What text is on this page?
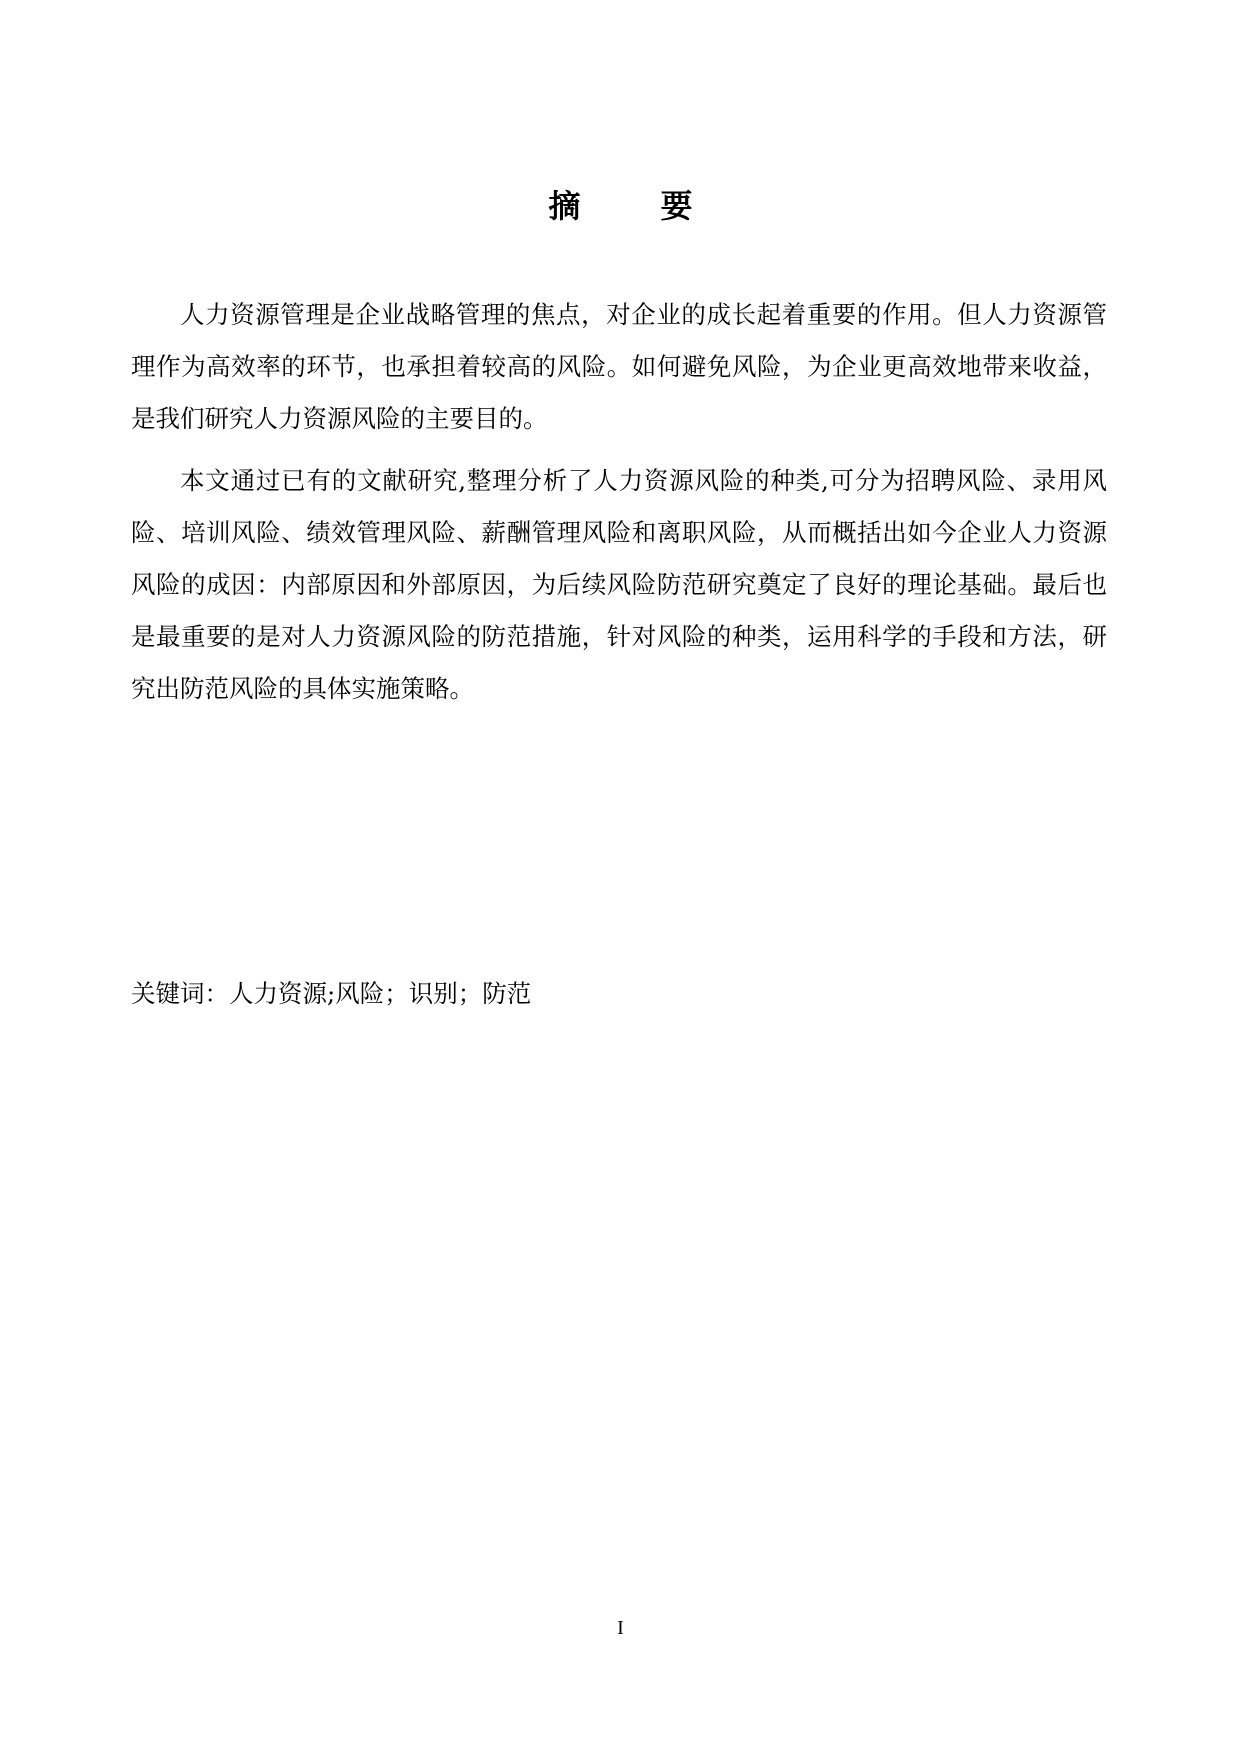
摘　要

人力资源管理是企业战略管理的焦点，对企业的成长起着重要的作用。但人力资源管理作为高效率的环节，也承担着较高的风险。如何避免风险，为企业更高效地带来收益，是我们研究人力资源风险的主要目的。

本文通过已有的文献研究,整理分析了人力资源风险的种类,可分为招聘风险、录用风险、培训风险、绩效管理风险、薪酬管理风险和离职风险，从而概括出如今企业人力资源风险的成因：内部原因和外部原因，为后续风险防范研究奠定了良好的理论基础。最后也是最重要的是对人力资源风险的防范措施，针对风险的种类，运用科学的手段和方法，研究出防范风险的具体实施策略。

关键词：人力资源;风险；识别；防范
I
